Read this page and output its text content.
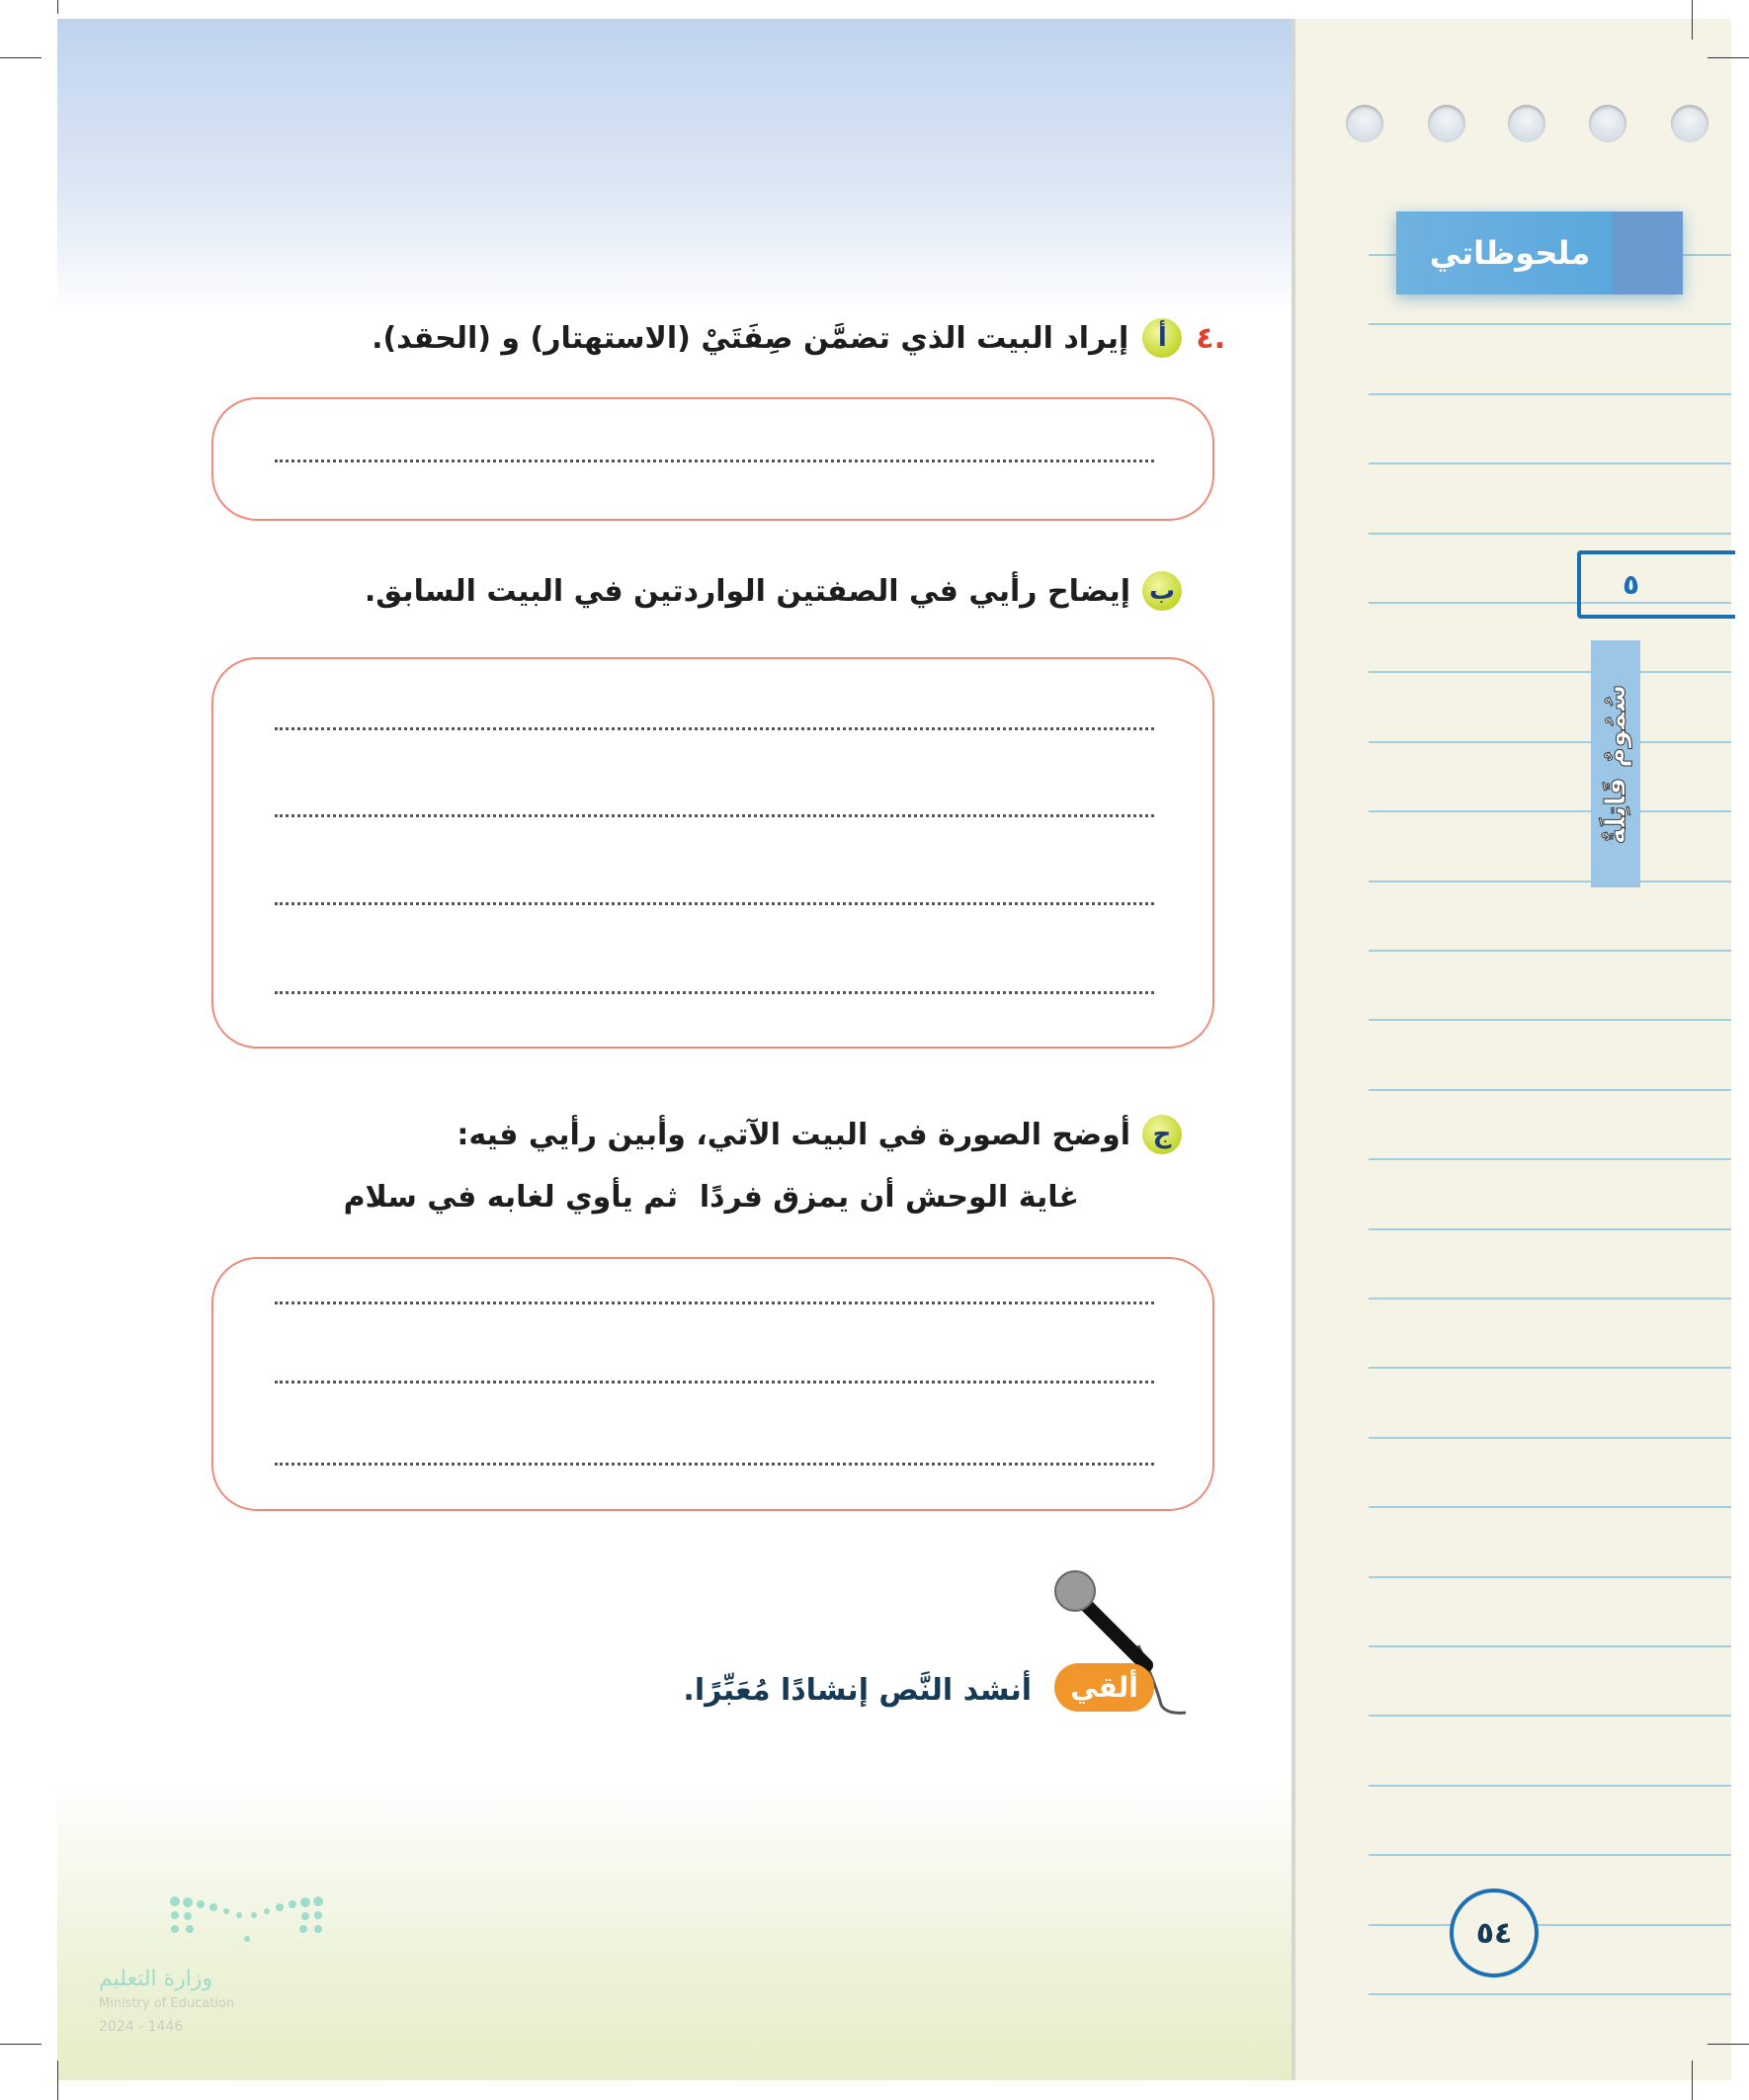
.٤
أ
إيراد البيت الذي تضمَّن صِفَتَيْ (الاستهتار) و (الحقد).
ب
إيضاح رأيي في الصفتين الواردتين في البيت السابق.
ج
أوضح الصورة في البيت الآتي، وأبين رأيي فيه:
غاية الوحش أن يمزق فردًا
ثم يأوي لغابه في سلام
ألقي
أنشد النَّص إنشادًا مُعَبِّرًا.
وزارة التعليم
Ministry of Education
2024 - 1446
ملحوظاتي
٥
سُمُومٌ قَاتِلَةٌ
٥٤
